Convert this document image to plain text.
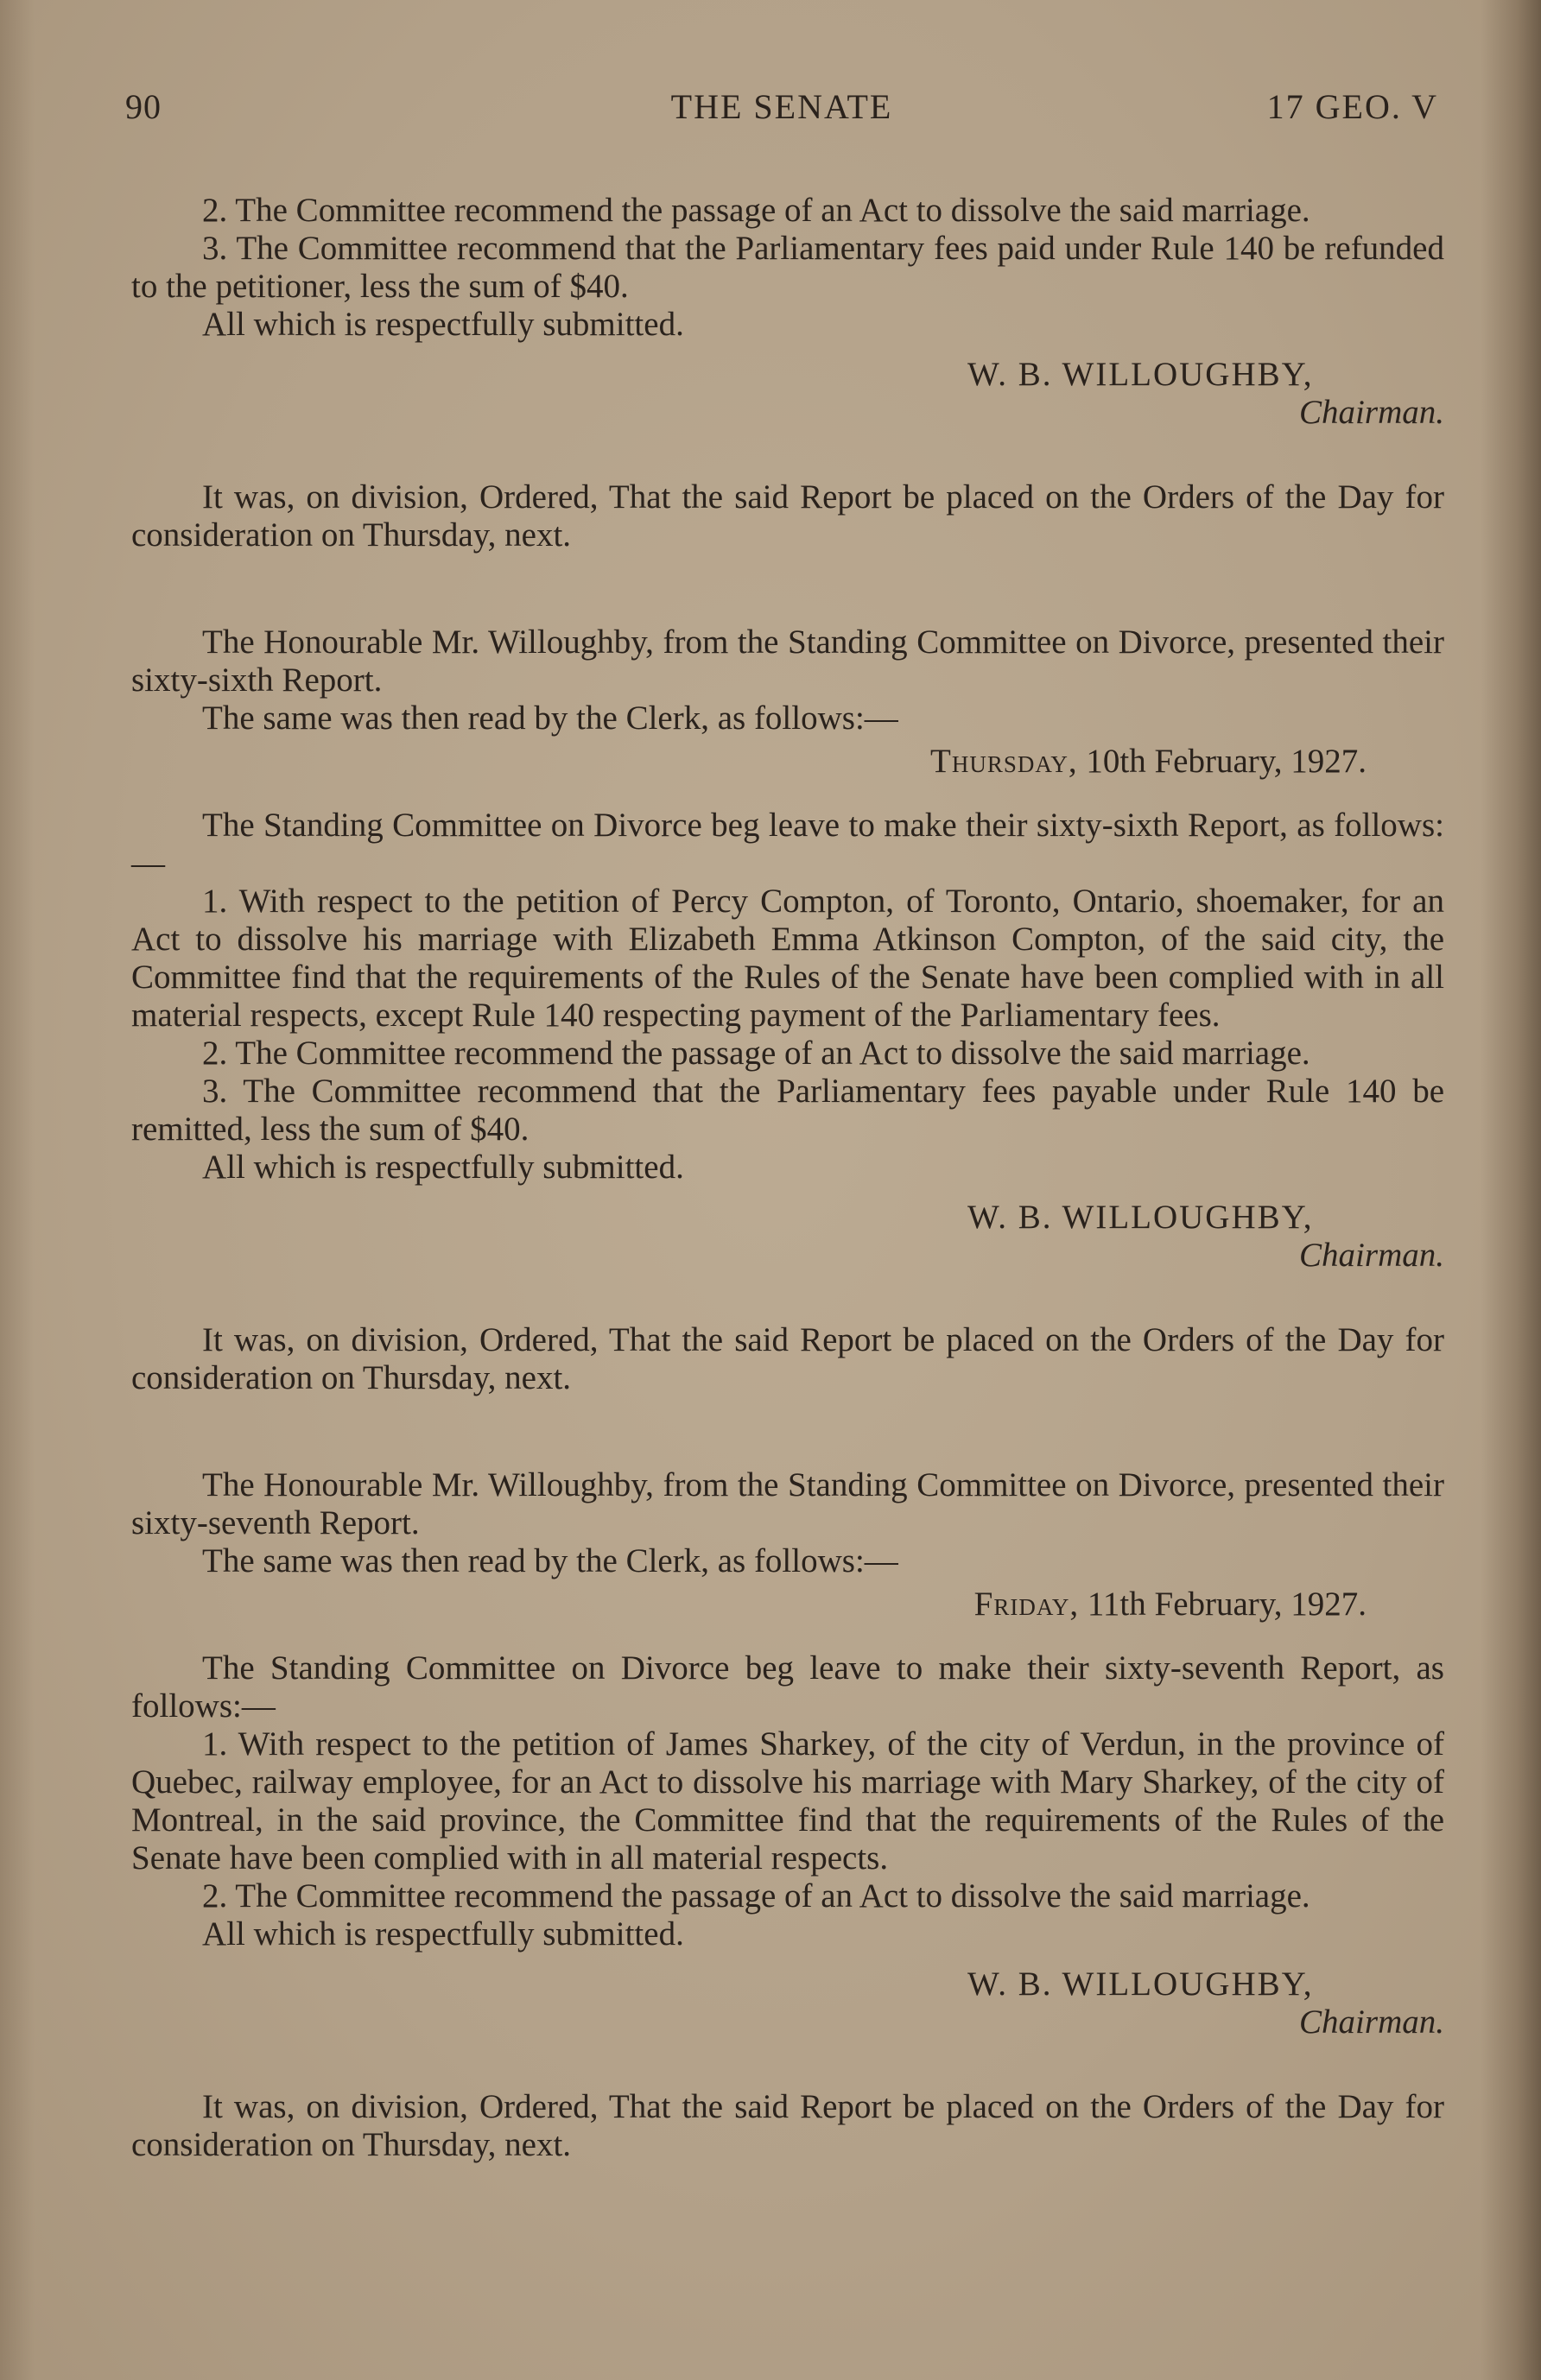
90	THE SENATE	17 GEO. V

2. The Committee recommend the passage of an Act to dissolve the said marriage.

3. The Committee recommend that the Parliamentary fees paid under Rule 140 be refunded to the petitioner, less the sum of $40.

All which is respectfully submitted.

W. B. WILLOUGHBY,

Chairman.

It was, on division, Ordered, That the said Report be placed on the Orders of the Day for consideration on Thursday, next.

The Honourable Mr. Willoughby, from the Standing Committee on Divorce, presented their sixty-sixth Report.

The same was then read by the Clerk, as follows:—

Thursday, 10th February, 1927.

The Standing Committee on Divorce beg leave to make their sixty-sixth Report, as follows:—

1. With respect to the petition of Percy Compton, of Toronto, Ontario, shoemaker, for an Act to dissolve his marriage with Elizabeth Emma Atkinson Compton, of the said city, the Committee find that the requirements of the Rules of the Senate have been complied with in all material respects, except Rule 140 respecting payment of the Parliamentary fees.

2. The Committee recommend the passage of an Act to dissolve the said marriage.

3. The Committee recommend that the Parliamentary fees payable under Rule 140 be remitted, less the sum of $40.

All which is respectfully submitted.

W. B. WILLOUGHBY,

Chairman.

It was, on division, Ordered, That the said Report be placed on the Orders of the Day for consideration on Thursday, next.

The Honourable Mr. Willoughby, from the Standing Committee on Divorce, presented their sixty-seventh Report.

The same was then read by the Clerk, as follows:—

Friday, 11th February, 1927.

The Standing Committee on Divorce beg leave to make their sixty-seventh Report, as follows:—

1. With respect to the petition of James Sharkey, of the city of Verdun, in the province of Quebec, railway employee, for an Act to dissolve his marriage with Mary Sharkey, of the city of Montreal, in the said province, the Committee find that the requirements of the Rules of the Senate have been complied with in all material respects.

2. The Committee recommend the passage of an Act to dissolve the said marriage.

All which is respectfully submitted.

W. B. WILLOUGHBY,

Chairman.

It was, on division, Ordered, That the said Report be placed on the Orders of the Day for consideration on Thursday, next.
